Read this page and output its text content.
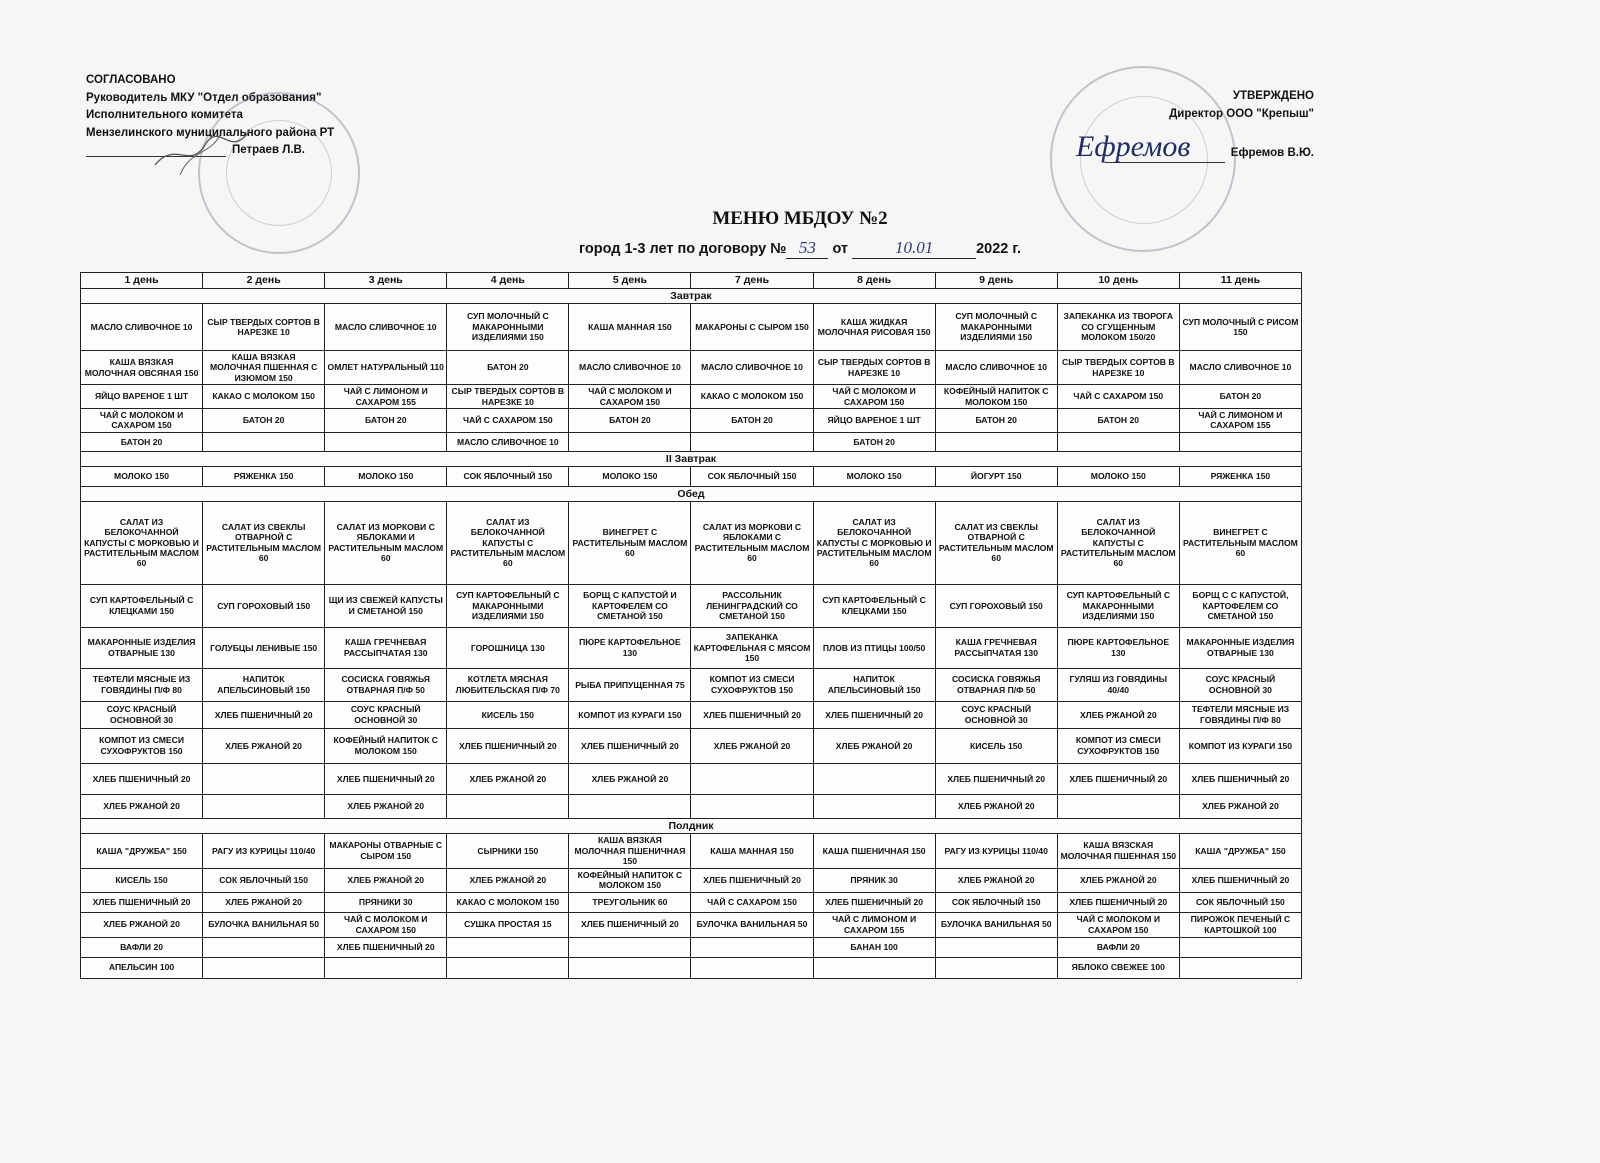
СОГЛАСОВАНО
Руководитель МКУ "Отдел образования"
Исполнительного комитета
Мензелинского муниципального района РТ
Петраев Л.В.
УТВЕРЖДЕНО
Директор ООО "Крепыш"
Ефремов В.Ю.
Ефремов
МЕНЮ МБДОУ №2
город 1-3 лет по договору № 53 от	10.01	2022 г.
1 день	2 день	3 день	4 день	5 день	7 день	8 день	9 день	10 день	11 день
Завтрак									
МАСЛО СЛИВОЧНОЕ 10	СЫР ТВЕРДЫХ СОРТОВ В НАРЕЗКЕ 10	МАСЛО СЛИВОЧНОЕ 10	СУП МОЛОЧНЫЙ С МАКАРОННЫМИ ИЗДЕЛИЯМИ 150	КАША МАННАЯ 150	МАКАРОНЫ С СЫРОМ 150	КАША ЖИДКАЯ МОЛОЧНАЯ РИСОВАЯ 150	СУП МОЛОЧНЫЙ С МАКАРОННЫМИ ИЗДЕЛИЯМИ 150	ЗАПЕКАНКА ИЗ ТВОРОГА СО СГУЩЕННЫМ МОЛОКОМ 150/20	СУП МОЛОЧНЫЙ С РИСОМ 150
КАША ВЯЗКАЯ МОЛОЧНАЯ ОВСЯНАЯ 150	КАША ВЯЗКАЯ МОЛОЧНАЯ ПШЕННАЯ С ИЗЮМОМ 150	ОМЛЕТ НАТУРАЛЬНЫЙ 110	БАТОН 20	МАСЛО СЛИВОЧНОЕ 10	МАСЛО СЛИВОЧНОЕ 10	СЫР ТВЕРДЫХ СОРТОВ В НАРЕЗКЕ 10	МАСЛО СЛИВОЧНОЕ 10	СЫР ТВЕРДЫХ СОРТОВ В НАРЕЗКЕ 10	МАСЛО СЛИВОЧНОЕ 10
ЯЙЦО ВАРЕНОЕ 1 ШТ	КАКАО С МОЛОКОМ 150	ЧАЙ С ЛИМОНОМ И САХАРОМ 155	СЫР ТВЕРДЫХ СОРТОВ В НАРЕЗКЕ 10	ЧАЙ С МОЛОКОМ И САХАРОМ 150	КАКАО С МОЛОКОМ 150	ЧАЙ С МОЛОКОМ И САХАРОМ 150	КОФЕЙНЫЙ НАПИТОК С МОЛОКОМ 150	ЧАЙ С САХАРОМ 150	БАТОН 20
ЧАЙ С МОЛОКОМ И САХАРОМ 150	БАТОН 20	БАТОН 20	ЧАЙ С САХАРОМ 150	БАТОН 20	БАТОН 20	ЯЙЦО ВАРЕНОЕ 1 ШТ	БАТОН 20	БАТОН 20	ЧАЙ С ЛИМОНОМ И САХАРОМ 155
БАТОН 20			МАСЛО СЛИВОЧНОЕ 10			БАТОН 20			
II Завтрак									
МОЛОКО 150	РЯЖЕНКА 150	МОЛОКО 150	СОК ЯБЛОЧНЫЙ 150	МОЛОКО 150	СОК ЯБЛОЧНЫЙ 150	МОЛОКО 150	ЙОГУРТ 150	МОЛОКО 150	РЯЖЕНКА 150
Обед									
САЛАТ ИЗ БЕЛОКОЧАННОЙ КАПУСТЫ С МОРКОВЬЮ И РАСТИТЕЛЬНЫМ МАСЛОМ 60	САЛАТ ИЗ СВЕКЛЫ ОТВАРНОЙ С РАСТИТЕЛЬНЫМ МАСЛОМ 60	САЛАТ ИЗ МОРКОВИ С ЯБЛОКАМИ И РАСТИТЕЛЬНЫМ МАСЛОМ 60	САЛАТ ИЗ БЕЛОКОЧАННОЙ КАПУСТЫ С РАСТИТЕЛЬНЫМ МАСЛОМ 60	ВИНЕГРЕТ С РАСТИТЕЛЬНЫМ МАСЛОМ 60	САЛАТ ИЗ МОРКОВИ С ЯБЛОКАМИ С РАСТИТЕЛЬНЫМ МАСЛОМ 60	САЛАТ ИЗ БЕЛОКОЧАННОЙ КАПУСТЫ С МОРКОВЬЮ И РАСТИТЕЛЬНЫМ МАСЛОМ 60	САЛАТ ИЗ СВЕКЛЫ ОТВАРНОЙ С РАСТИТЕЛЬНЫМ МАСЛОМ 60	САЛАТ ИЗ БЕЛОКОЧАННОЙ КАПУСТЫ С РАСТИТЕЛЬНЫМ МАСЛОМ 60	ВИНЕГРЕТ С РАСТИТЕЛЬНЫМ МАСЛОМ 60
СУП КАРТОФЕЛЬНЫЙ С КЛЕЦКАМИ 150	СУП ГОРОХОВЫЙ 150	ЩИ ИЗ СВЕЖЕЙ КАПУСТЫ И СМЕТАНОЙ 150	СУП КАРТОФЕЛЬНЫЙ С МАКАРОННЫМИ ИЗДЕЛИЯМИ 150	БОРЩ С КАПУСТОЙ И КАРТОФЕЛЕМ СО СМЕТАНОЙ 150	РАССОЛЬНИК ЛЕНИНГРАДСКИЙ СО СМЕТАНОЙ 150	СУП КАРТОФЕЛЬНЫЙ С КЛЕЦКАМИ 150	СУП ГОРОХОВЫЙ 150	СУП КАРТОФЕЛЬНЫЙ С МАКАРОННЫМИ ИЗДЕЛИЯМИ 150	БОРЩ С С КАПУСТОЙ, КАРТОФЕЛЕМ СО СМЕТАНОЙ 150
МАКАРОННЫЕ ИЗДЕЛИЯ ОТВАРНЫЕ 130	ГОЛУБЦЫ ЛЕНИВЫЕ 150	КАША ГРЕЧНЕВАЯ РАССЫПЧАТАЯ 130	ГОРОШНИЦА 130	ПЮРЕ КАРТОФЕЛЬНОЕ 130	ЗАПЕКАНКА КАРТОФЕЛЬНАЯ С МЯСОМ 150	ПЛОВ ИЗ ПТИЦЫ 100/50	КАША ГРЕЧНЕВАЯ РАССЫПЧАТАЯ 130	ПЮРЕ КАРТОФЕЛЬНОЕ 130	МАКАРОННЫЕ ИЗДЕЛИЯ ОТВАРНЫЕ 130
ТЕФТЕЛИ МЯСНЫЕ ИЗ ГОВЯДИНЫ П/Ф 80	НАПИТОК АПЕЛЬСИНОВЫЙ 150	СОСИСКА ГОВЯЖЬЯ ОТВАРНАЯ П/Ф 50	КОТЛЕТА МЯСНАЯ ЛЮБИТЕЛЬСКАЯ П/Ф 70	РЫБА ПРИПУЩЕННАЯ 75	КОМПОТ ИЗ СМЕСИ СУХОФРУКТОВ 150	НАПИТОК АПЕЛЬСИНОВЫЙ 150	СОСИСКА ГОВЯЖЬЯ ОТВАРНАЯ П/Ф 50	ГУЛЯШ ИЗ ГОВЯДИНЫ 40/40	СОУС КРАСНЫЙ ОСНОВНОЙ 30
СОУС КРАСНЫЙ ОСНОВНОЙ 30	ХЛЕБ ПШЕНИЧНЫЙ 20	СОУС КРАСНЫЙ ОСНОВНОЙ 30	КИСЕЛЬ 150	КОМПОТ ИЗ КУРАГИ 150	ХЛЕБ ПШЕНИЧНЫЙ 20	ХЛЕБ ПШЕНИЧНЫЙ 20	СОУС КРАСНЫЙ ОСНОВНОЙ 30	ХЛЕБ РЖАНОЙ 20	ТЕФТЕЛИ МЯСНЫЕ ИЗ ГОВЯДИНЫ П/Ф 80
КОМПОТ ИЗ СМЕСИ СУХОФРУКТОВ 150	ХЛЕБ РЖАНОЙ 20	КОФЕЙНЫЙ НАПИТОК С МОЛОКОМ 150	ХЛЕБ ПШЕНИЧНЫЙ 20	ХЛЕБ ПШЕНИЧНЫЙ 20	ХЛЕБ РЖАНОЙ 20	ХЛЕБ РЖАНОЙ 20	КИСЕЛЬ 150	КОМПОТ ИЗ СМЕСИ СУХОФРУКТОВ 150	КОМПОТ ИЗ КУРАГИ 150
ХЛЕБ ПШЕНИЧНЫЙ 20		ХЛЕБ ПШЕНИЧНЫЙ 20	ХЛЕБ РЖАНОЙ 20	ХЛЕБ РЖАНОЙ 20			ХЛЕБ ПШЕНИЧНЫЙ 20	ХЛЕБ ПШЕНИЧНЫЙ 20	ХЛЕБ ПШЕНИЧНЫЙ 20
ХЛЕБ РЖАНОЙ 20		ХЛЕБ РЖАНОЙ 20					ХЛЕБ РЖАНОЙ 20		ХЛЕБ РЖАНОЙ 20
Полдник									
КАША "ДРУЖБА" 150	РАГУ ИЗ КУРИЦЫ 110/40	МАКАРОНЫ ОТВАРНЫЕ С СЫРОМ 150	СЫРНИКИ 150	КАША ВЯЗКАЯ МОЛОЧНАЯ ПШЕНИЧНАЯ 150	КАША МАННАЯ 150	КАША ПШЕНИЧНАЯ 150	РАГУ ИЗ КУРИЦЫ 110/40	КАША ВЯЗСКАЯ МОЛОЧНАЯ ПШЕННАЯ 150	КАША "ДРУЖБА" 150
КИСЕЛЬ 150	СОК ЯБЛОЧНЫЙ 150	ХЛЕБ РЖАНОЙ 20	ХЛЕБ РЖАНОЙ 20	КОФЕЙНЫЙ НАПИТОК С МОЛОКОМ 150	ХЛЕБ ПШЕНИЧНЫЙ 20	ПРЯНИК 30	ХЛЕБ РЖАНОЙ 20	ХЛЕБ РЖАНОЙ 20	ХЛЕБ ПШЕНИЧНЫЙ 20
ХЛЕБ ПШЕНИЧНЫЙ 20	ХЛЕБ РЖАНОЙ 20	ПРЯНИКИ 30	КАКАО С МОЛОКОМ 150	ТРЕУГОЛЬНИК 60	ЧАЙ С САХАРОМ 150	ХЛЕБ ПШЕНИЧНЫЙ 20	СОК ЯБЛОЧНЫЙ 150	ХЛЕБ ПШЕНИЧНЫЙ 20	СОК ЯБЛОЧНЫЙ 150
ХЛЕБ РЖАНОЙ 20	БУЛОЧКА ВАНИЛЬНАЯ 50	ЧАЙ С МОЛОКОМ И САХАРОМ 150	СУШКА ПРОСТАЯ 15	ХЛЕБ ПШЕНИЧНЫЙ 20	БУЛОЧКА ВАНИЛЬНАЯ 50	ЧАЙ С ЛИМОНОМ И САХАРОМ 155	БУЛОЧКА ВАНИЛЬНАЯ 50	ЧАЙ С МОЛОКОМ И САХАРОМ 150	ПИРОЖОК ПЕЧЕНЫЙ С КАРТОШКОЙ 100
ВАФЛИ 20		ХЛЕБ ПШЕНИЧНЫЙ 20				БАНАН 100		ВАФЛИ 20	
АПЕЛЬСИН 100								ЯБЛОКО СВЕЖЕЕ 100	
